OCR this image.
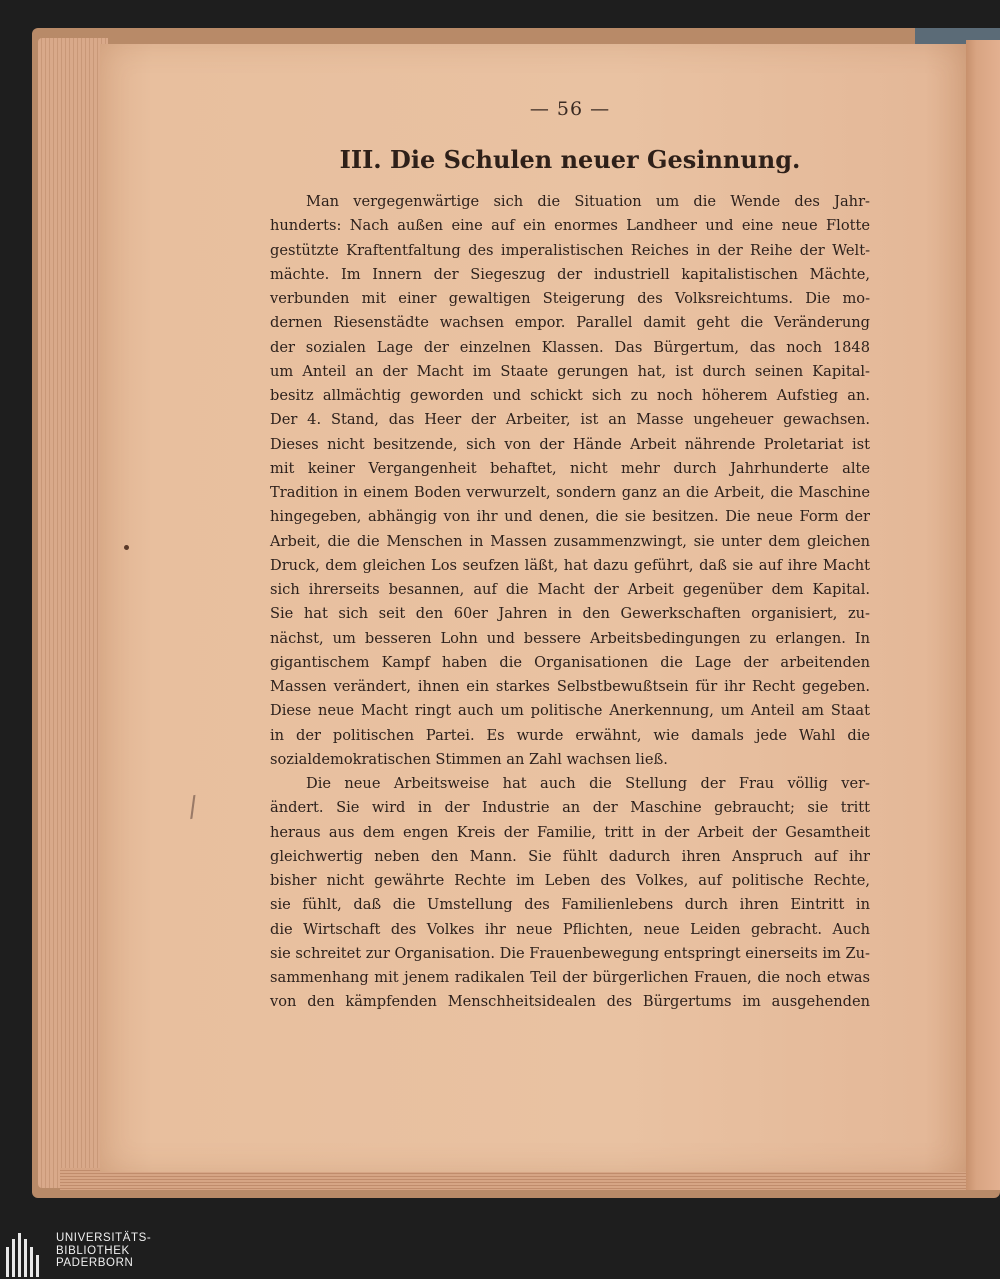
— 56 —
III. Die Schulen neuer Gesinnung.
/
Man vergegenwärtige sich die Situation um die Wende des Jahr-
hunderts: Nach außen eine auf ein enormes Landheer und eine neue Flotte
gestützte Kraftentfaltung des imperalistischen Reiches in der Reihe der Welt-
mächte. Im Innern der Siegeszug der industriell kapitalistischen Mächte,
verbunden mit einer gewaltigen Steigerung des Volksreichtums. Die mo-
dernen Riesenstädte wachsen empor. Parallel damit geht die Veränderung
der sozialen Lage der einzelnen Klassen. Das Bürgertum, das noch 1848
um Anteil an der Macht im Staate gerungen hat, ist durch seinen Kapital-
besitz allmächtig geworden und schickt sich zu noch höherem Aufstieg an.
Der 4. Stand, das Heer der Arbeiter, ist an Masse ungeheuer gewachsen.
Dieses nicht besitzende, sich von der Hände Arbeit nährende Proletariat ist
mit keiner Vergangenheit behaftet, nicht mehr durch Jahrhunderte alte
Tradition in einem Boden verwurzelt, sondern ganz an die Arbeit, die Maschine
hingegeben, abhängig von ihr und denen, die sie besitzen. Die neue Form der
Arbeit, die die Menschen in Massen zusammenzwingt, sie unter dem gleichen
Druck, dem gleichen Los seufzen läßt, hat dazu geführt, daß sie auf ihre Macht
sich ihrerseits besannen, auf die Macht der Arbeit gegenüber dem Kapital.
Sie hat sich seit den 60er Jahren in den Gewerkschaften organisiert, zu-
nächst, um besseren Lohn und bessere Arbeitsbedingungen zu erlangen. In
gigantischem Kampf haben die Organisationen die Lage der arbeitenden
Massen verändert, ihnen ein starkes Selbstbewußtsein für ihr Recht gegeben.
Diese neue Macht ringt auch um politische Anerkennung, um Anteil am Staat
in der politischen Partei. Es wurde erwähnt, wie damals jede Wahl die
sozialdemokratischen Stimmen an Zahl wachsen ließ.
Die neue Arbeitsweise hat auch die Stellung der Frau völlig ver-
ändert. Sie wird in der Industrie an der Maschine gebraucht; sie tritt
heraus aus dem engen Kreis der Familie, tritt in der Arbeit der Gesamtheit
gleichwertig neben den Mann. Sie fühlt dadurch ihren Anspruch auf ihr
bisher nicht gewährte Rechte im Leben des Volkes, auf politische Rechte,
sie fühlt, daß die Umstellung des Familienlebens durch ihren Eintritt in
die Wirtschaft des Volkes ihr neue Pflichten, neue Leiden gebracht. Auch
sie schreitet zur Organisation. Die Frauenbewegung entspringt einerseits im Zu-
sammenhang mit jenem radikalen Teil der bürgerlichen Frauen, die noch etwas
von den kämpfenden Menschheitsidealen des Bürgertums im ausgehenden
UNIVERSITÄTS-
BIBLIOTHEK
PADERBORN
